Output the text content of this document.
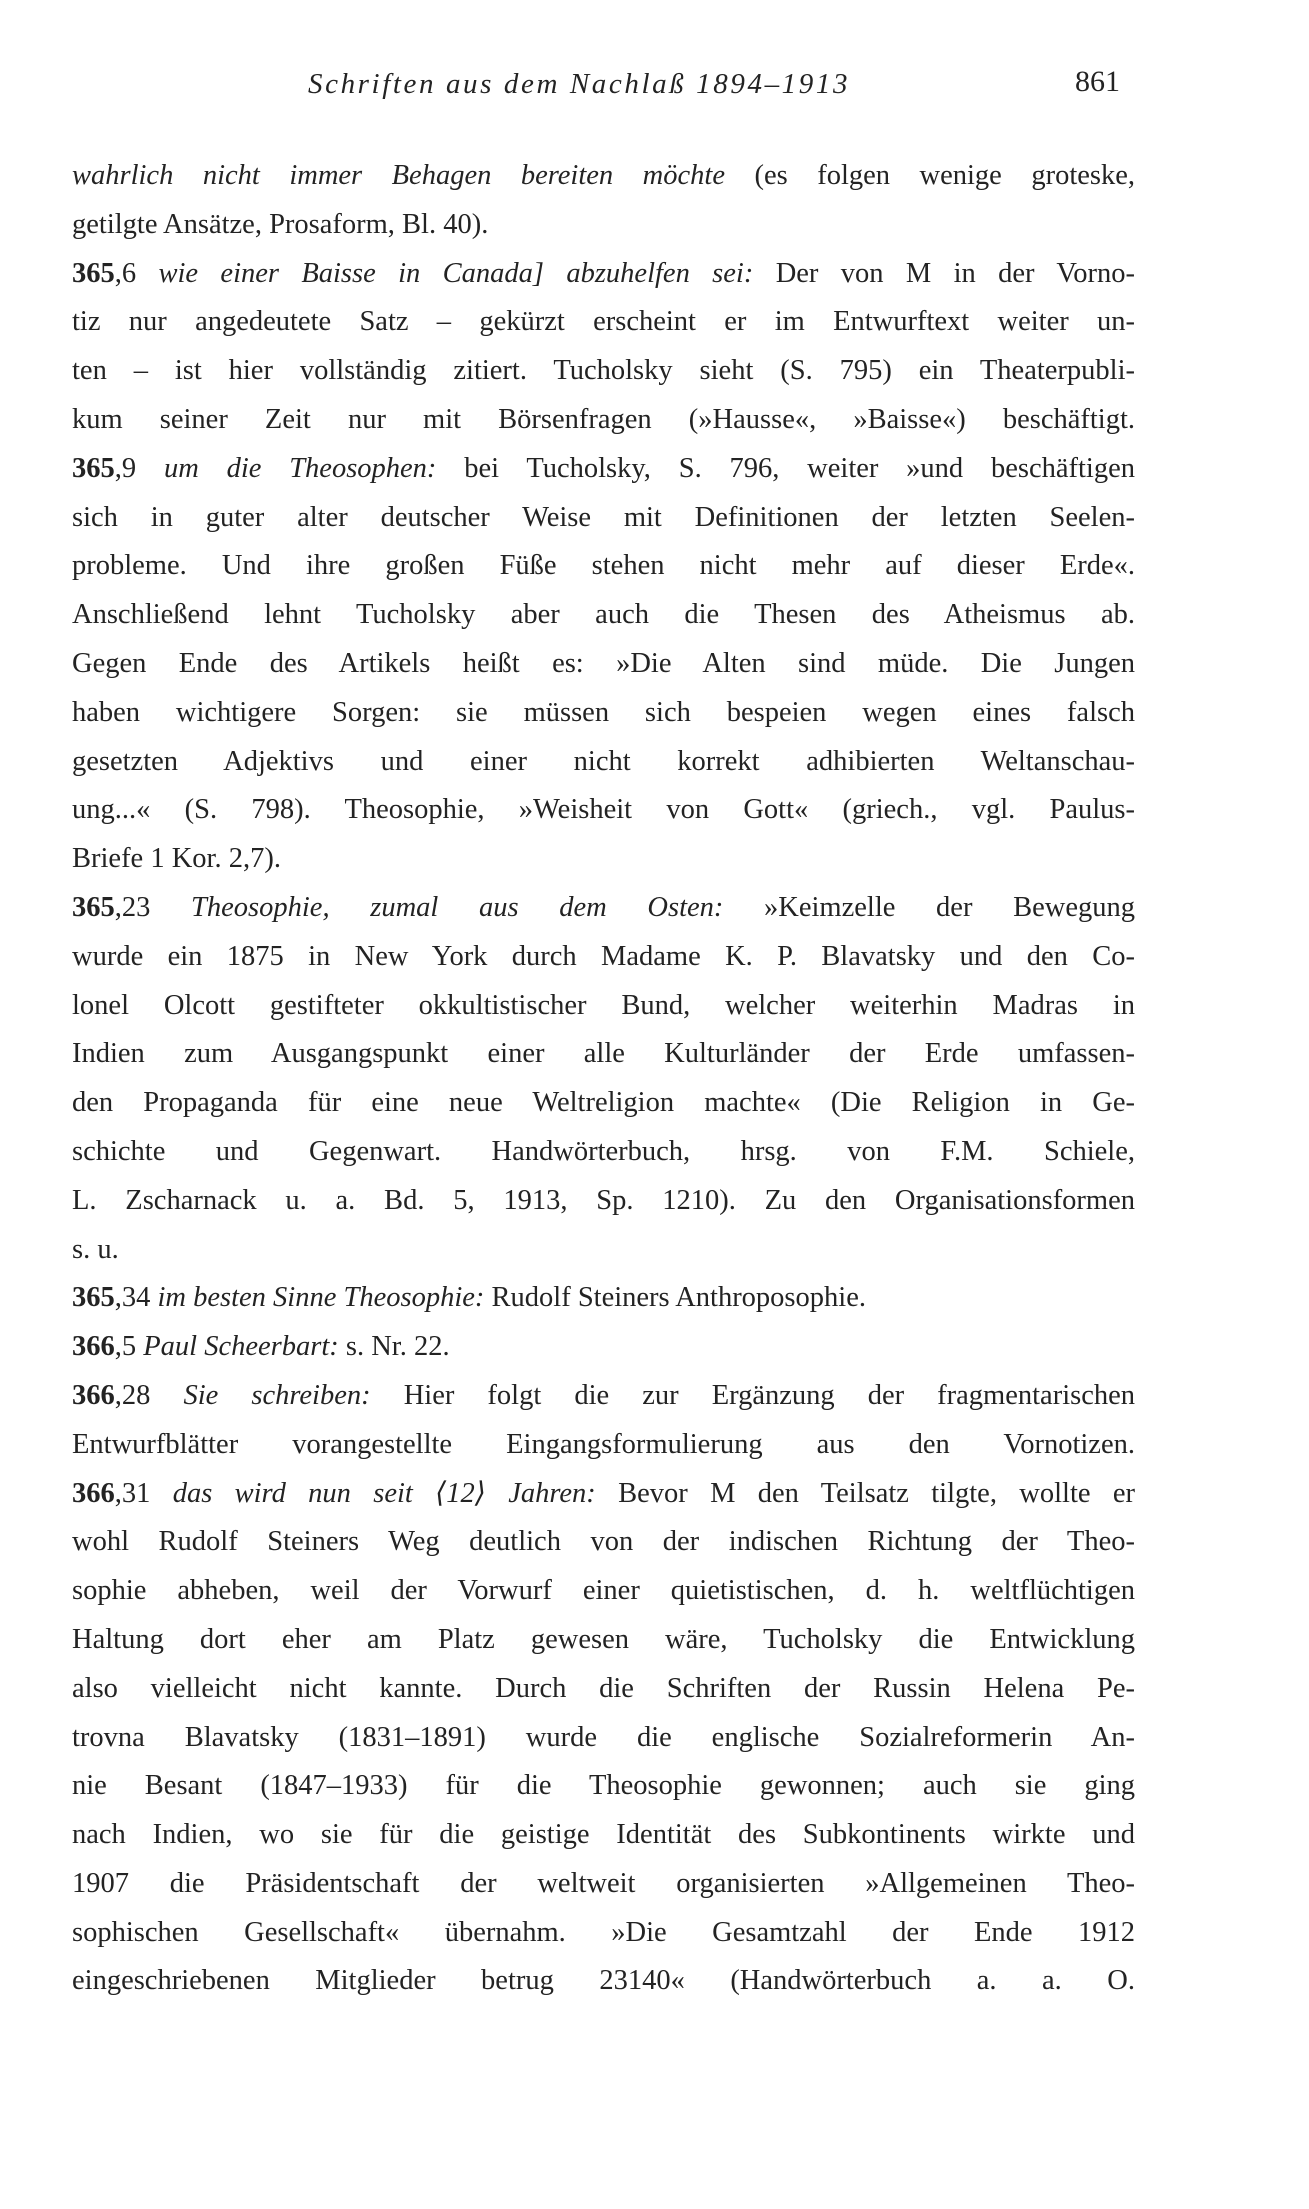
Schriften aus dem Nachlaß 1894–1913	861
wahrlich nicht immer Behagen bereiten möchte (es folgen wenige groteske,
getilgte Ansätze, Prosaform, Bl. 40).
365,6 wie einer Baisse in Canada] abzuhelfen sei: Der von M in der Vorno-
tiz nur angedeutete Satz – gekürzt erscheint er im Entwurftext weiter un-
ten – ist hier vollständig zitiert. Tucholsky sieht (S. 795) ein Theaterpubli-
kum seiner Zeit nur mit Börsenfragen (»Hausse«, »Baisse«) beschäftigt.
365,9 um die Theosophen: bei Tucholsky, S. 796, weiter »und beschäftigen
sich in guter alter deutscher Weise mit Definitionen der letzten Seelen-
probleme. Und ihre großen Füße stehen nicht mehr auf dieser Erde«.
Anschließend lehnt Tucholsky aber auch die Thesen des Atheismus ab.
Gegen Ende des Artikels heißt es: »Die Alten sind müde. Die Jungen
haben wichtigere Sorgen: sie müssen sich bespeien wegen eines falsch
gesetzten Adjektivs und einer nicht korrekt adhibierten Weltanschau-
ung...« (S. 798). Theosophie, »Weisheit von Gott« (griech., vgl. Paulus-
Briefe 1 Kor. 2,7).
365,23 Theosophie, zumal aus dem Osten: »Keimzelle der Bewegung
wurde ein 1875 in New York durch Madame K. P. Blavatsky und den Co-
lonel Olcott gestifteter okkultistischer Bund, welcher weiterhin Madras in
Indien zum Ausgangspunkt einer alle Kulturländer der Erde umfassen-
den Propaganda für eine neue Weltreligion machte« (Die Religion in Ge-
schichte und Gegenwart. Handwörterbuch, hrsg. von F.M. Schiele,
L. Zscharnack u. a. Bd. 5, 1913, Sp. 1210). Zu den Organisationsformen
s. u.
365,34 im besten Sinne Theosophie: Rudolf Steiners Anthroposophie.
366,5 Paul Scheerbart: s. Nr. 22.
366,28 Sie schreiben: Hier folgt die zur Ergänzung der fragmentarischen
Entwurfblätter vorangestellte Eingangsformulierung aus den Vornotizen.
366,31 das wird nun seit ⟨12⟩ Jahren: Bevor M den Teilsatz tilgte, wollte er
wohl Rudolf Steiners Weg deutlich von der indischen Richtung der Theo-
sophie abheben, weil der Vorwurf einer quietistischen, d. h. weltflüchtigen
Haltung dort eher am Platz gewesen wäre, Tucholsky die Entwicklung
also vielleicht nicht kannte. Durch die Schriften der Russin Helena Pe-
trovna Blavatsky (1831–1891) wurde die englische Sozialreformerin An-
nie Besant (1847–1933) für die Theosophie gewonnen; auch sie ging
nach Indien, wo sie für die geistige Identität des Subkontinents wirkte und
1907 die Präsidentschaft der weltweit organisierten »Allgemeinen Theo-
sophischen Gesellschaft« übernahm. »Die Gesamtzahl der Ende 1912
eingeschriebenen Mitglieder betrug 23140« (Handwörterbuch a. a. O.
